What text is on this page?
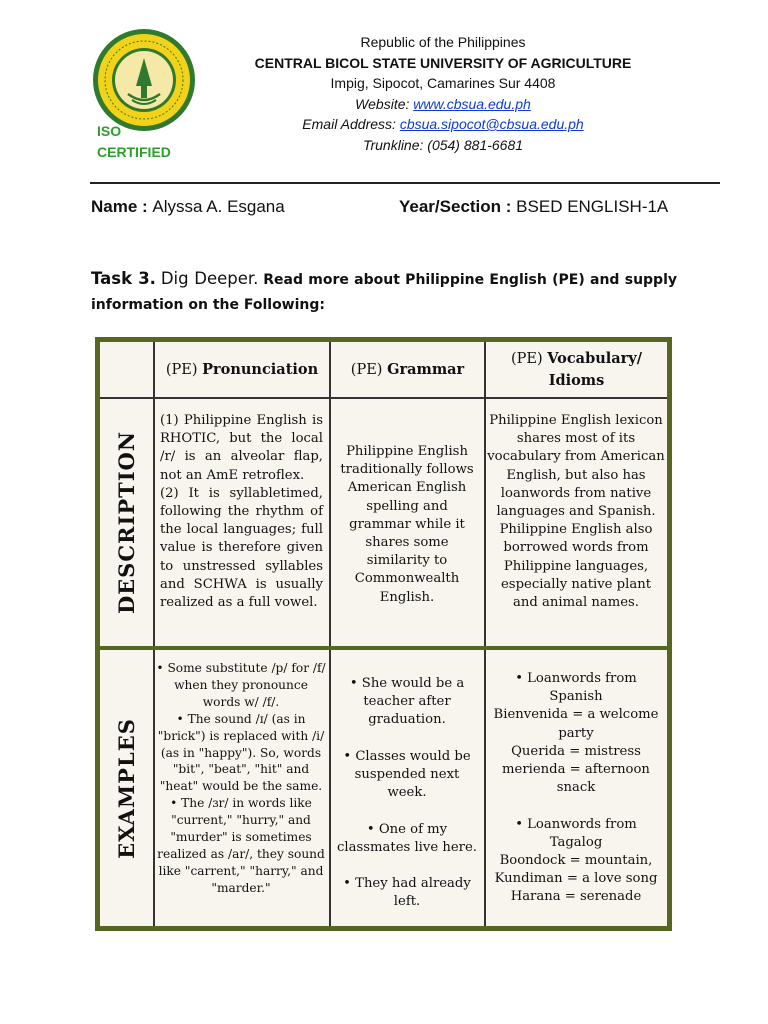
ISO
CERTIFIED
Republic of the Philippines
CENTRAL BICOL STATE UNIVERSITY OF AGRICULTURE
Impig, Sipocot, Camarines Sur 4408
Website: www.cbsua.edu.ph
Email Address: cbsua.sipocot@cbsua.edu.ph
Trunkline: (054) 881-6681
Name : Alyssa A. Esgana	Year/Section : BSED ENGLISH-1A
Task 3. Dig Deeper. Read more about Philippine English (PE) and supply information on the Following:
(PE) Pronunciation (PE) Grammar
(PE) Vocabulary/ Idioms
DESCRIPTION
EXAMPLES
(1) Philippine English is RHOTIC, but the local /r/ is an alveolar flap, not an AmE retroflex.
(2) It is syllabletimed, following the rhythm of the local languages; full value is therefore given to unstressed syllables and SCHWA is usually realized as a full vowel.
Philippine English traditionally follows American English spelling and grammar while it shares some similarity to Commonwealth English.
Philippine English lexicon shares most of its vocabulary from American English, but also has loanwords from native languages and Spanish. Philippine English also borrowed words from Philippine languages, especially native plant and animal names.
• Some substitute /p/ for /f/ when they pronounce words w/ /f/.
• The sound /ɪ/ (as in "brick") is replaced with /i/ (as in "happy"). So, words "bit", "beat", "hit" and "heat" would be the same.
• The /ɜr/ in words like "current," "hurry," and "murder" is sometimes realized as /ar/, they sound like "carrent," "harry," and "marder."
• She would be a teacher after graduation.

• Classes would be suspended next week.

• One of my classmates live here.

• They had already left.
• Loanwords from Spanish
Bienvenida = a welcome party
Querida = mistress
merienda = afternoon snack

• Loanwords from Tagalog
Boondock = mountain,
Kundiman = a love song
Harana = serenade
